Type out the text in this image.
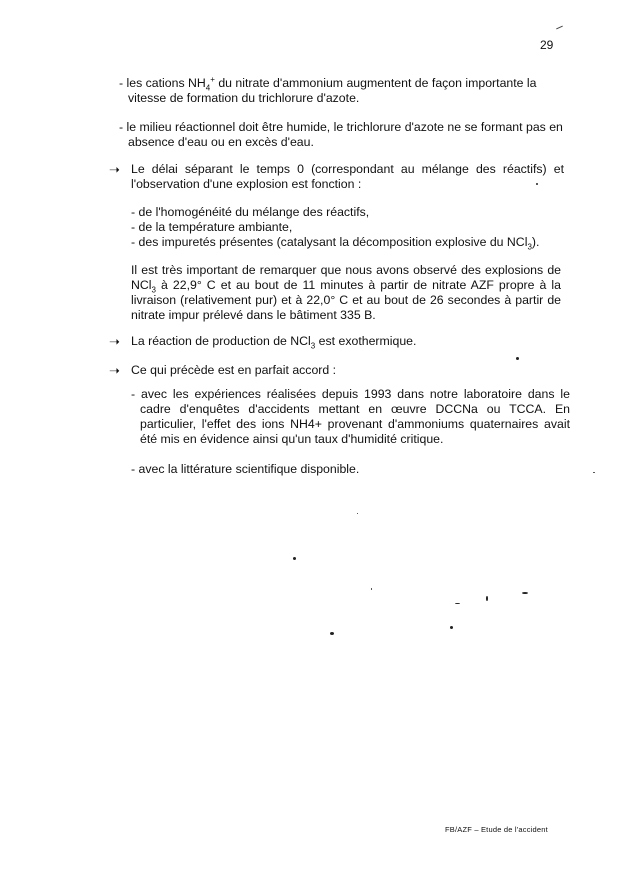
29

- les cations $NH_4^+$ du nitrate d'ammonium augmentent de façon importante la vitesse de formation du trichlorure d'azote.

- le milieu réactionnel doit être humide, le trichlorure d'azote ne se formant pas en absence d'eau ou en excès d'eau.

➝ Le délai séparant le temps 0 (correspondant au mélange des réactifs) et l'observation d'une explosion est fonction :

- de l'homogénéité du mélange des réactifs,

- de la température ambiante,

- des impuretés présentes (catalysant la décomposition explosive du NCl$_3$).

Il est très important de remarquer que nous avons observé des explosions de NCl$_3$ à 22,9° C et au bout de 11 minutes à partir de nitrate AZF propre à la livraison (relativement pur) et à 22,0° C et au bout de 26 secondes à partir de nitrate impur prélevé dans le bâtiment 335 B.

➝ La réaction de production de NCl$_3$ est exothermique.
➝ Ce qui précède est en parfait accord :

- avec les expériences réalisées depuis 1993 dans notre laboratoire dans le cadre d'enquêtes d'accidents mettant en œuvre DCCNa ou TCCA. En particulier, l'effet des ions NH4+ provenant d'ammoniums quaternaires avait été mis en évidence ainsi qu'un taux d'humidité critique.

- avec la littérature scientifique disponible.

FB/AZF – Etude de l'accident
